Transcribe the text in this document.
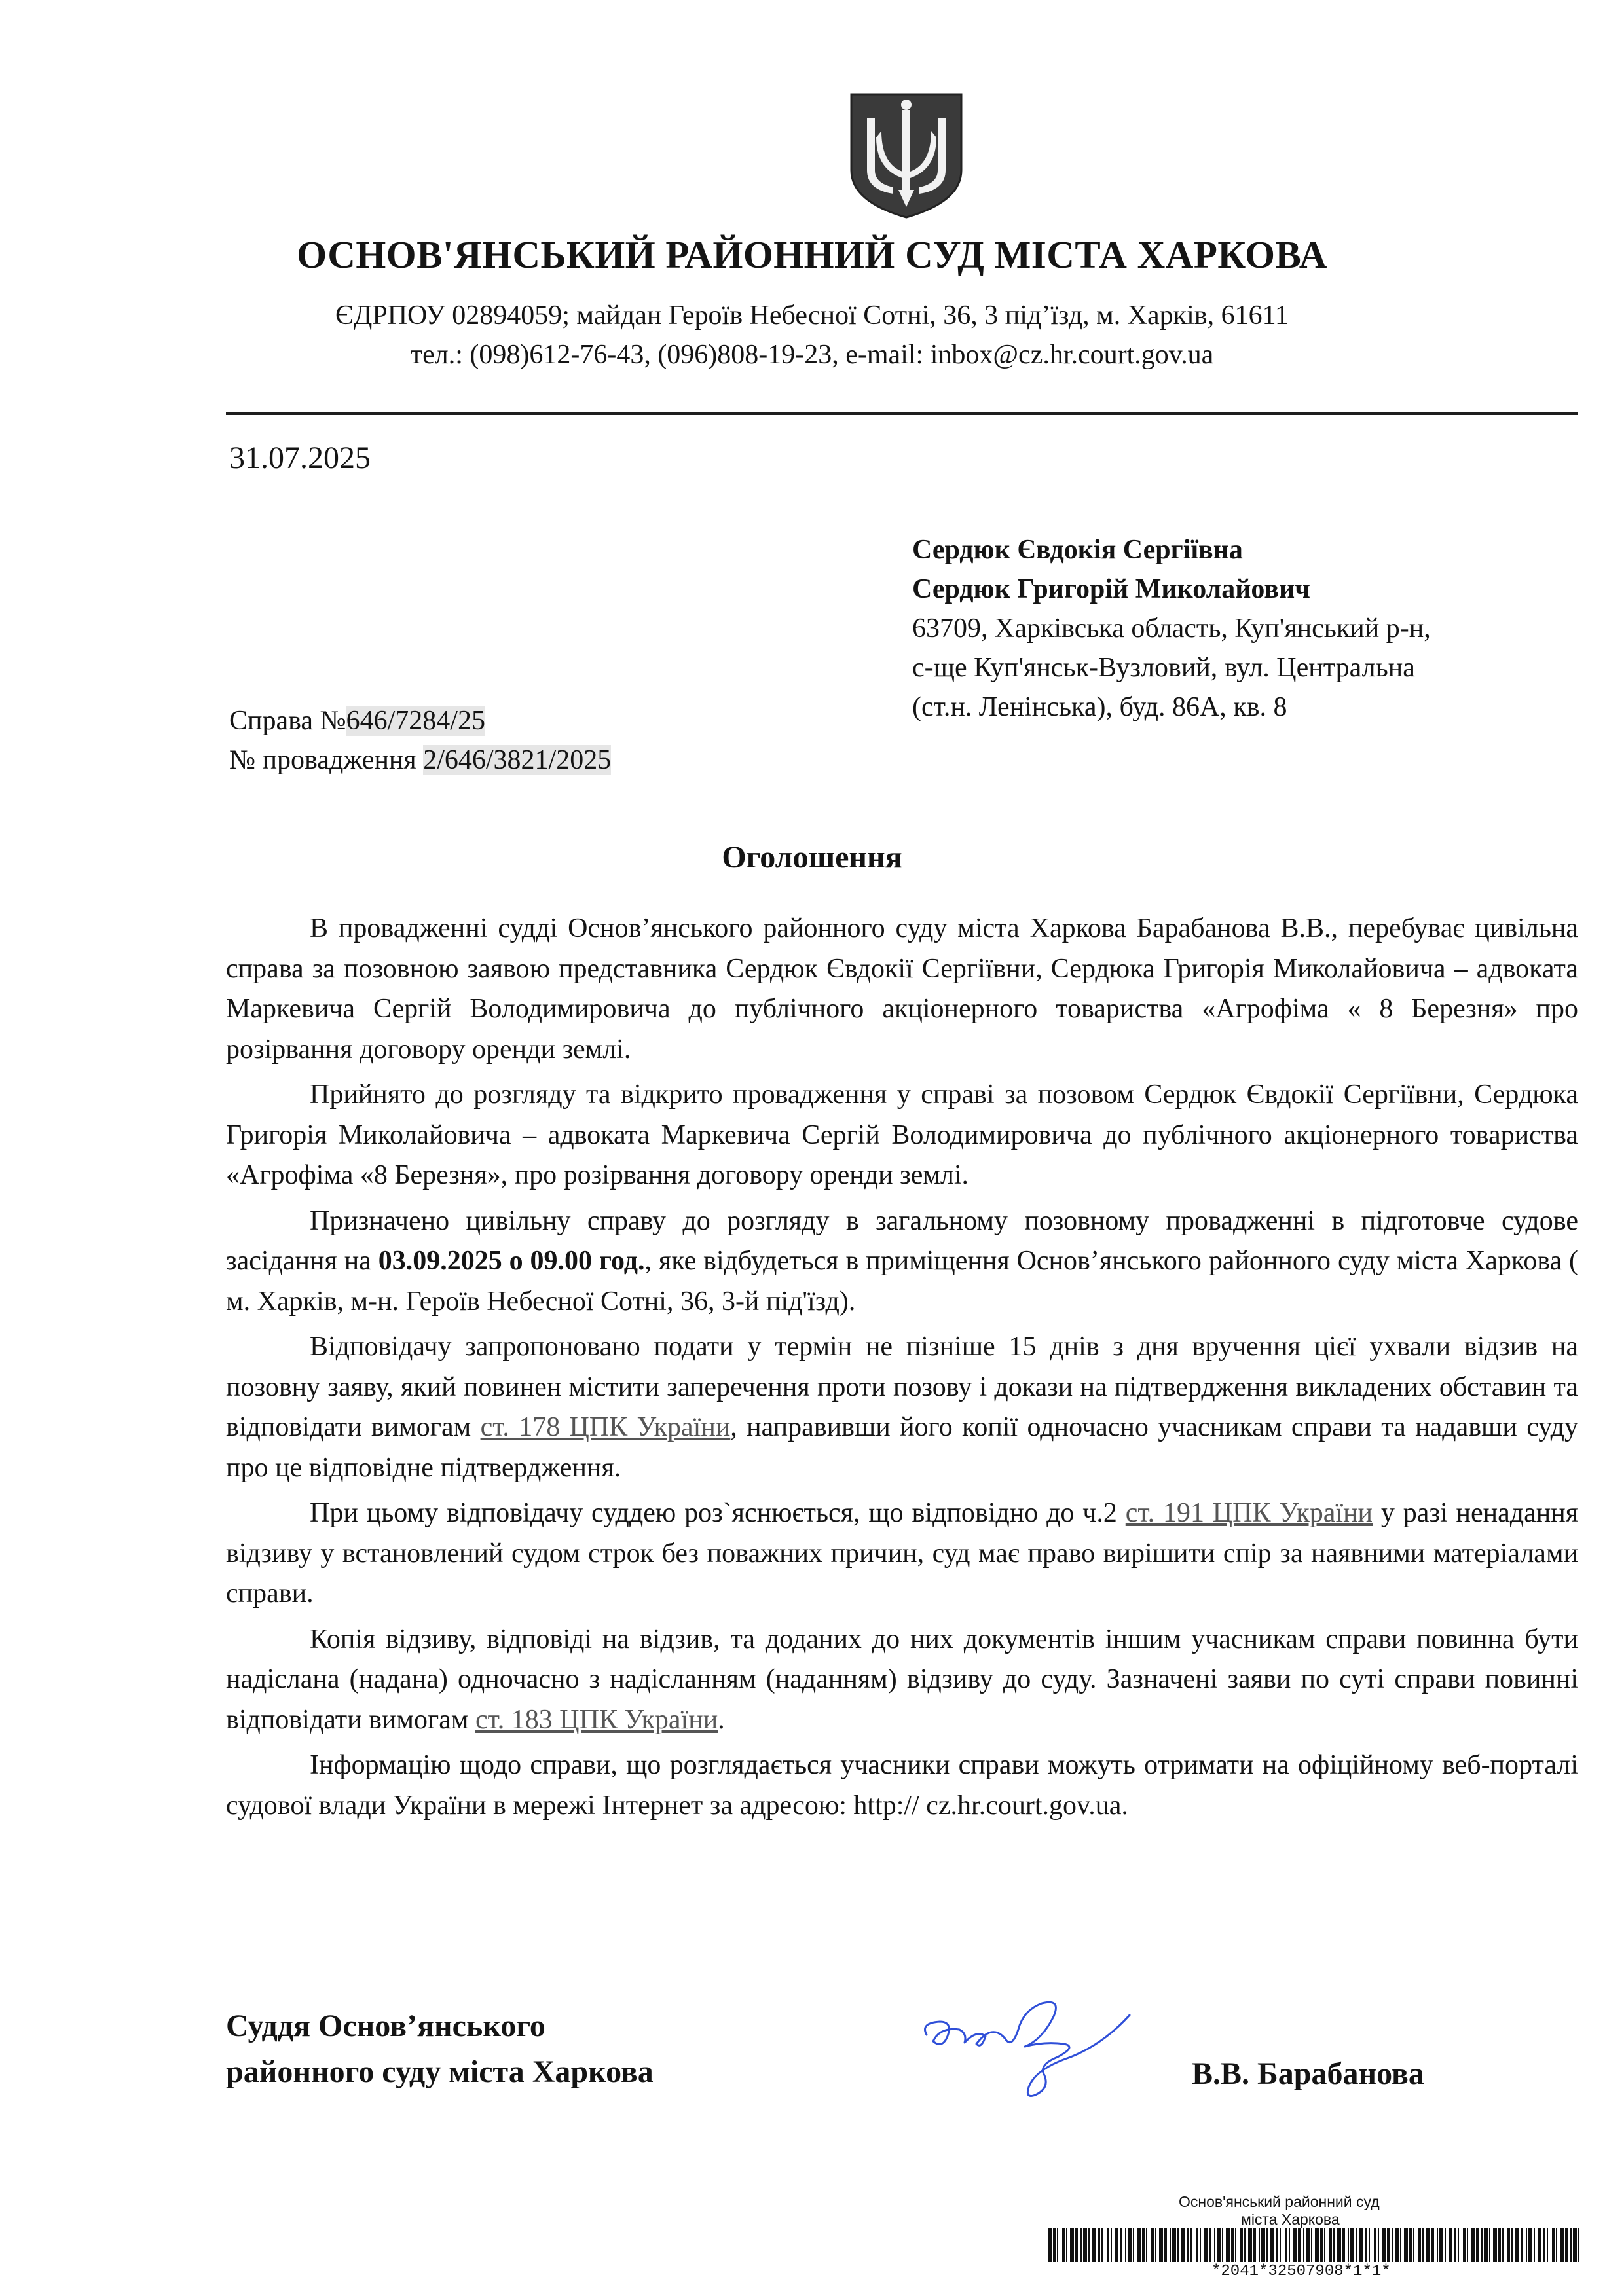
ОСНОВ'ЯНСЬКИЙ РАЙОННИЙ СУД МІСТА ХАРКОВА
ЄДРПОУ 02894059; майдан Героїв Небесної Сотні, 36, 3 під’їзд, м. Харків, 61611
тел.: (098)612-76-43, (096)808-19-23, e-mail: inbox@cz.hr.court.gov.ua
31.07.2025
Сердюк Євдокія Сергіївна
Сердюк Григорій Миколайович
63709, Харківська область, Куп'янський р-н,
с-ще Куп'янськ-Вузловий, вул. Центральна
(ст.н. Ленінська), буд. 86А, кв. 8
Справа №646/7284/25
№ провадження 2/646/3821/2025
Оголошення

В провадженні судді Основ’янського районного суду міста Харкова Барабанова В.В., перебуває цивільна справа за позовною заявою представника Сердюк Євдокії Сергіївни, Сердюка Григорія Миколайовича – адвоката Маркевича Сергій Володимировича до публічного акціонерного товариства «Агрофіма « 8 Березня» про розірвання договору оренди землі.

Прийнято до розгляду та відкрито провадження у справі за позовом Сердюк Євдокії Сергіївни, Сердюка Григорія Миколайовича – адвоката Маркевича Сергій Володимировича до публічного акціонерного товариства «Агрофіма «8 Березня», про розірвання договору оренди землі.

Призначено цивільну справу до розгляду в загальному позовному провадженні в підготовче судове засідання на 03.09.2025 о 09.00 год., яке відбудеться в приміщення Основ’янського районного суду міста Харкова ( м. Харків, м-н. Героїв Небесної Сотні, 36, 3-й під'їзд).

Відповідачу запропоновано подати у термін не пізніше 15 днів з дня вручення цієї ухвали відзив на позовну заяву, який повинен містити заперечення проти позову і докази на підтвердження викладених обставин та відповідати вимогам ст. 178 ЦПК України, направивши його копії одночасно учасникам справи та надавши суду про це відповідне підтвердження.

При цьому відповідачу суддею роз`яснюється, що відповідно до ч.2 ст. 191 ЦПК України у разі ненадання відзиву у встановлений судом строк без поважних причин, суд має право вирішити спір за наявними матеріалами справи.

Копія відзиву, відповіді на відзив, та доданих до них документів іншим учасникам справи повинна бути надіслана (надана) одночасно з надісланням (наданням) відзиву до суду. Зазначені заяви по суті справи повинні відповідати вимогам ст. 183 ЦПК України.

Інформацію щодо справи, що розглядається учасники справи можуть отримати на офіційному веб-порталі судової влади України в мережі Інтернет за адресою: http:// cz.hr.court.gov.ua.

Суддя Основ’янського
районного суду міста Харкова	В.В. Барабанова
Основ'янський районний суд
міста Харкова
*2041*32507908*1*1*
